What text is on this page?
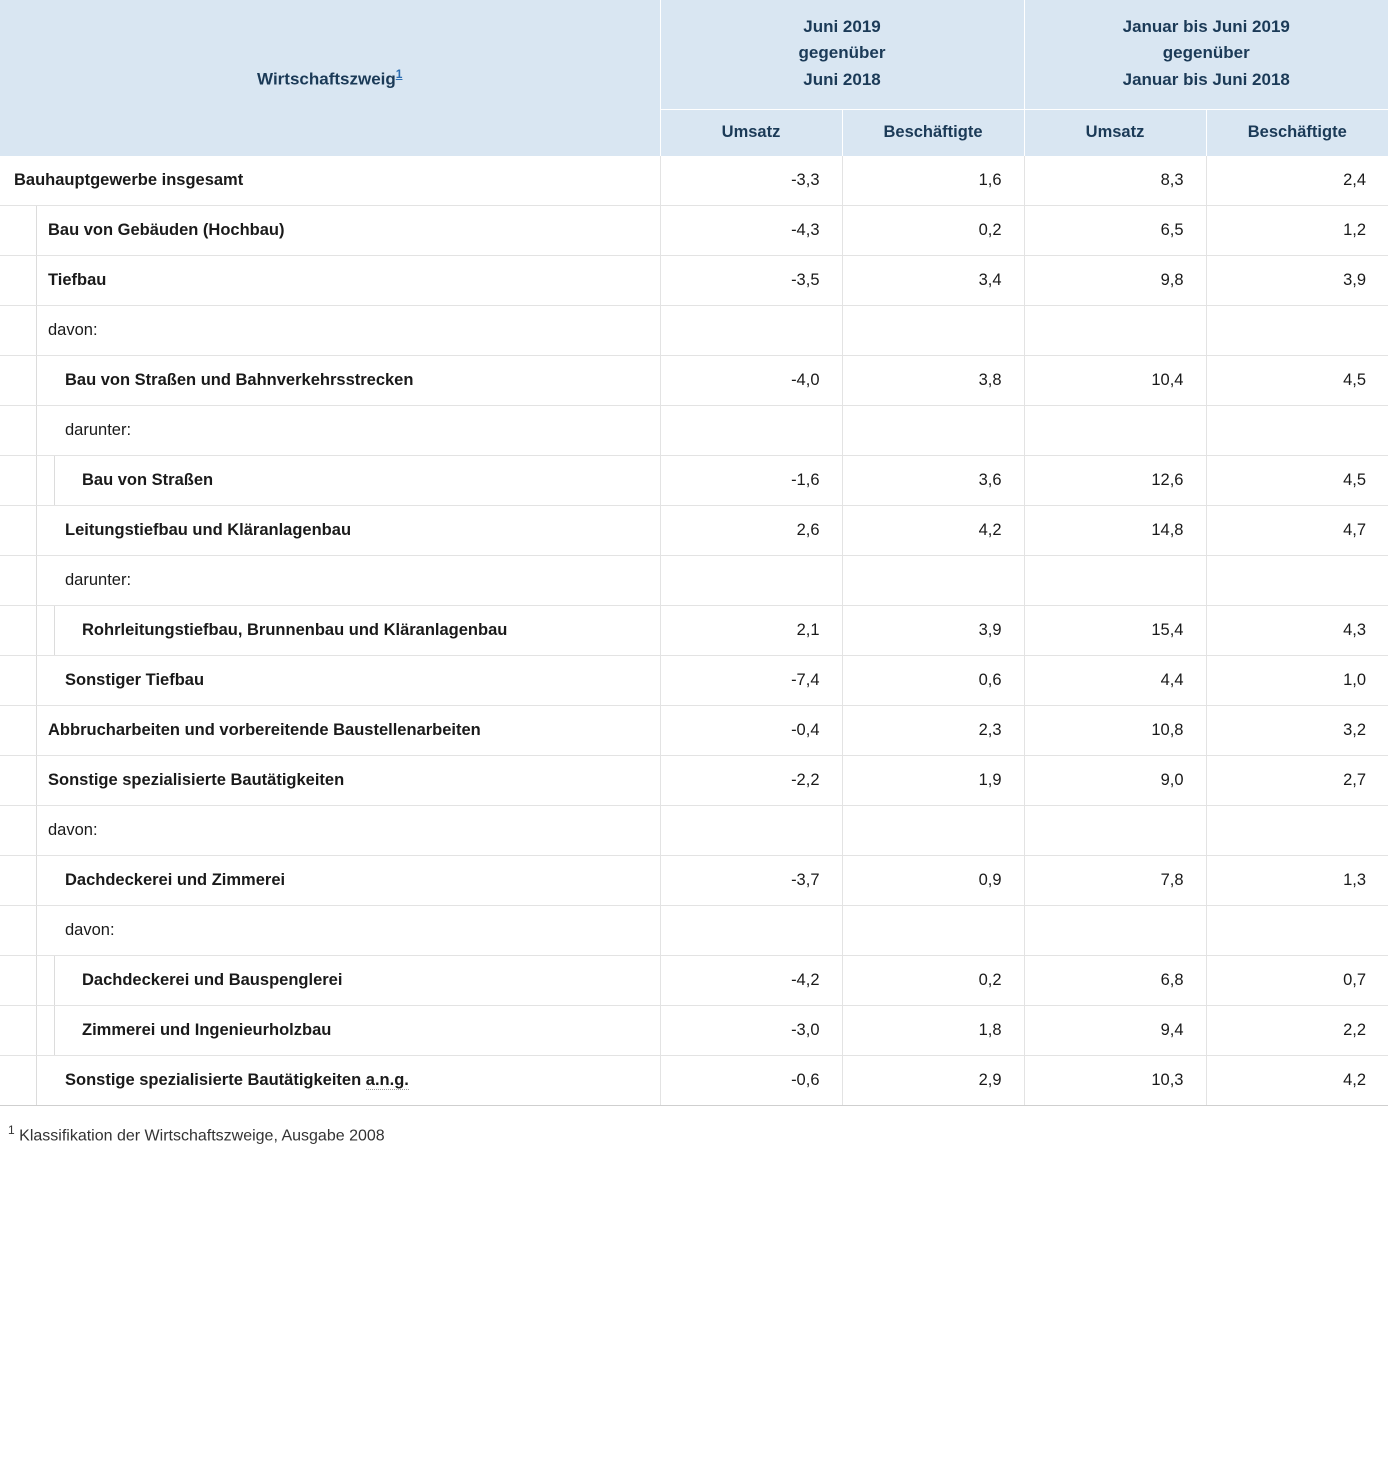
Wirtschaftszweig$^1$	
Juni 2019
gegenüber
Juni 2018

Januar bis Juni 2019
gegenüber
Januar bis Juni 2018

	Umsatz	Beschäftigte	Umsatz	Beschäftigte
Bauhauptgewerbe insgesamt	-3,3	1,6	8,3	2,4

Bau von Gebäuden (Hochbau)	-4,3	0,2	6,5	1,2

Tiefbau	-3,5	3,4	9,8	3,9

davon:				

Bau von Straßen und Bahnverkehrsstrecken	-4,0	3,8	10,4	4,5

darunter:				

Bau von Straßen	-1,6	3,6	12,6	4,5

Leitungstiefbau und Kläranlagenbau	2,6	4,2	14,8	4,7

darunter:				

Rohrleitungstiefbau, Brunnenbau und Kläranlagenbau	2,1	3,9	15,4	4,3

Sonstiger Tiefbau	-7,4	0,6	4,4	1,0

Abbrucharbeiten und vorbereitende Baustellenarbeiten	-0,4	2,3	10,8	3,2

Sonstige spezialisierte Bautätigkeiten	-2,2	1,9	9,0	2,7

davon:				

Dachdeckerei und Zimmerei	-3,7	0,9	7,8	1,3

davon:				

Dachdeckerei und Bauspenglerei	-4,2	0,2	6,8	0,7

Zimmerei und Ingenieurholzbau	-3,0	1,8	9,4	2,2

Sonstige spezialisierte Bautätigkeiten a.n.g.	-0,6	2,9	10,3	4,2
$^1$ Klassifikation der Wirtschaftszweige, Ausgabe 2008
